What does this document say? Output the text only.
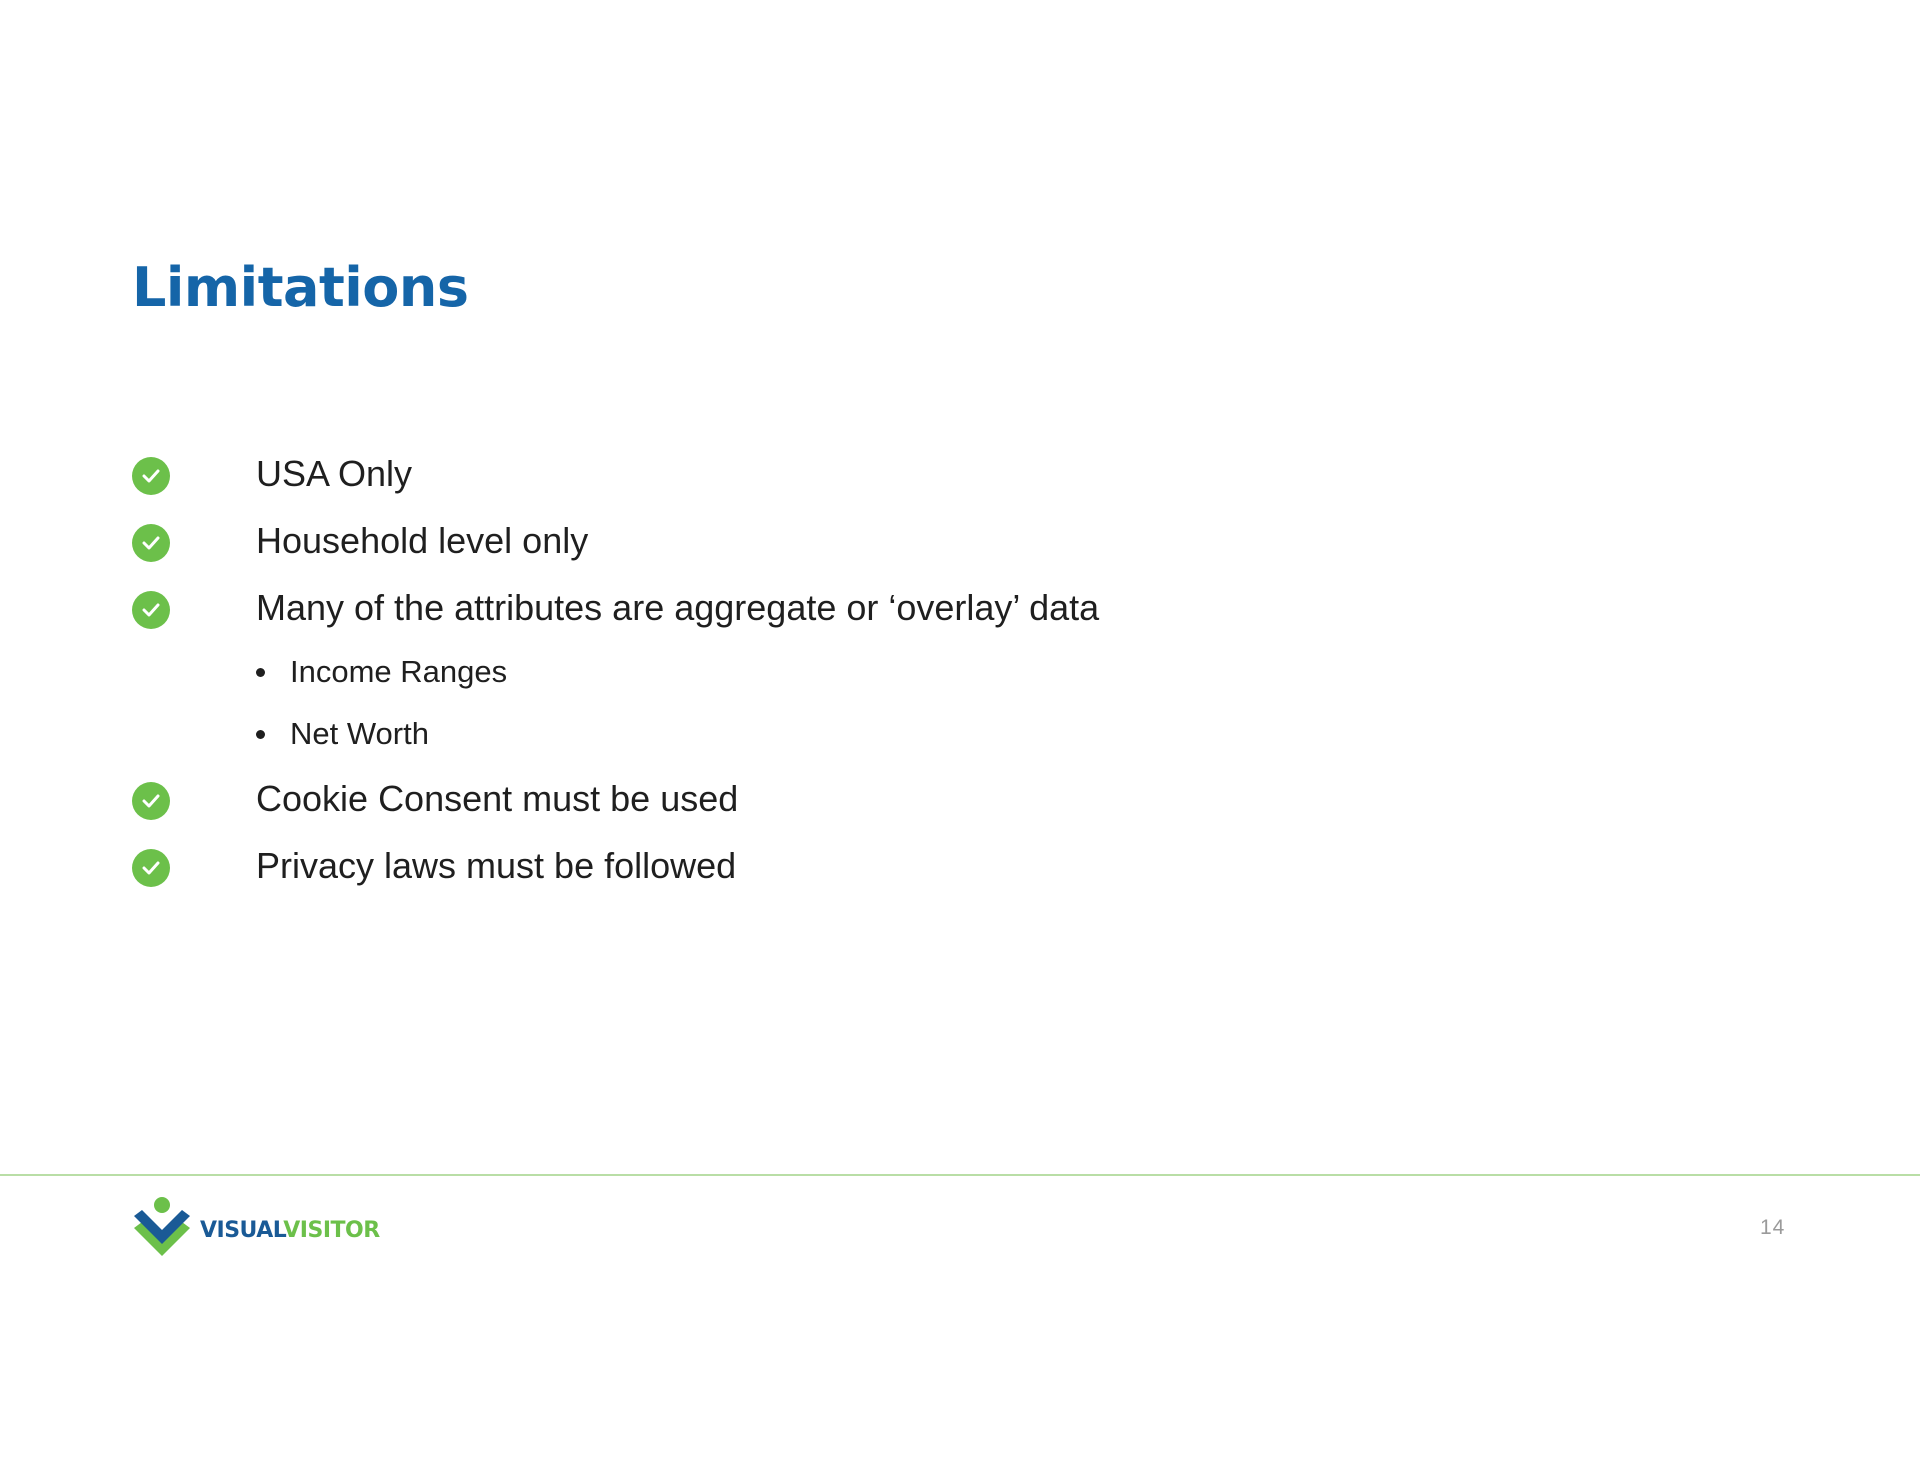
Limitations
USA Only
Household level only
Many of the attributes are aggregate or ‘overlay’ data
Income Ranges
Net Worth
Cookie Consent must be used
Privacy laws must be followed
VISUALVISITOR	14
